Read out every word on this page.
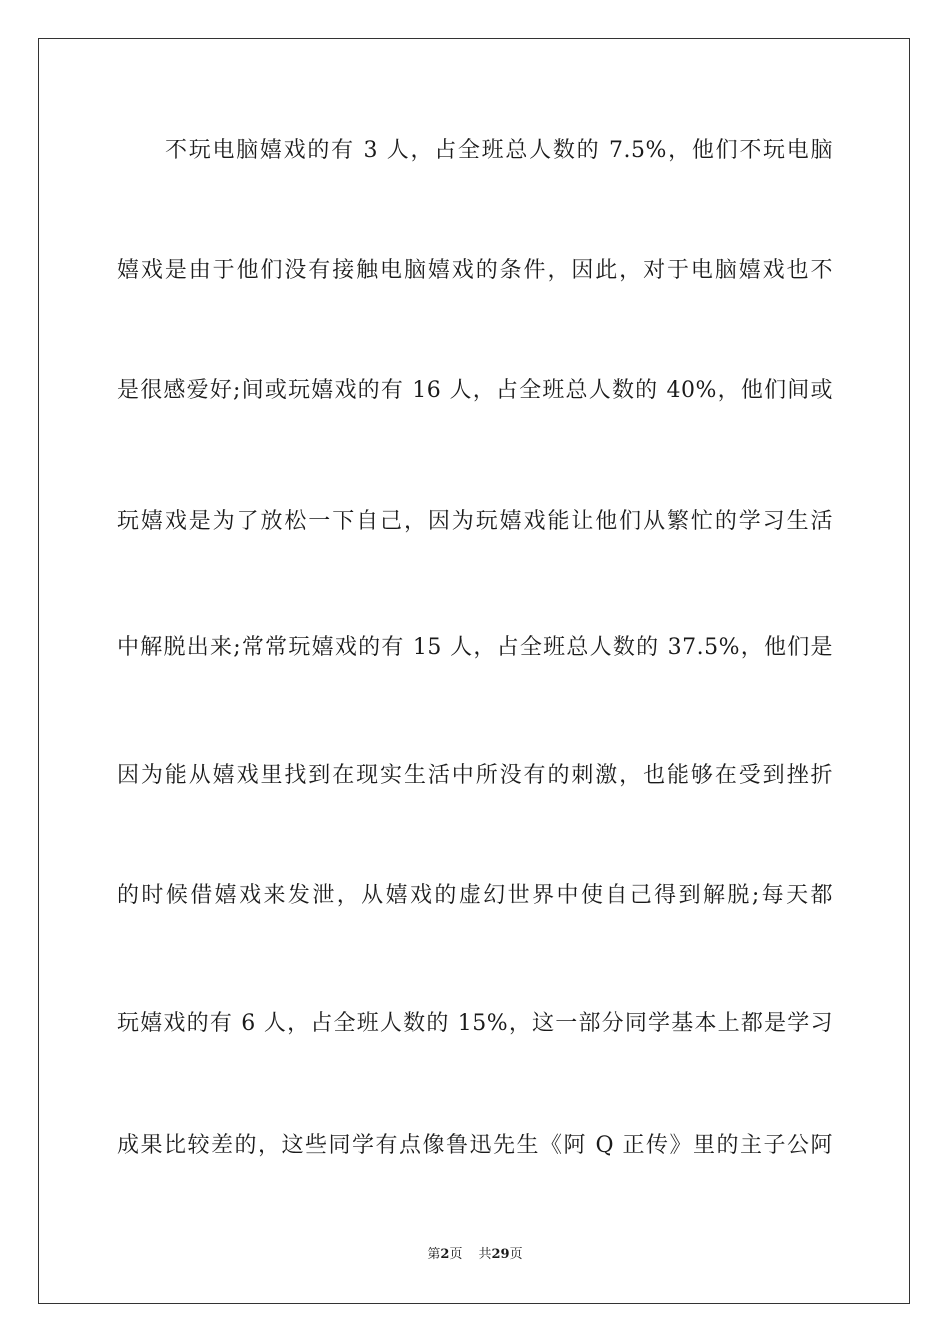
不玩电脑嬉戏的有 3 人，占全班总人数的 7.5%，他们不玩电脑
嬉戏是由于他们没有接触电脑嬉戏的条件，因此，对于电脑嬉戏也不
是很感爱好;间或玩嬉戏的有 16 人，占全班总人数的 40%，他们间或
玩嬉戏是为了放松一下自己，因为玩嬉戏能让他们从繁忙的学习生活
中解脱出来;常常玩嬉戏的有 15 人，占全班总人数的 37.5%，他们是
因为能从嬉戏里找到在现实生活中所没有的刺激，也能够在受到挫折
的时候借嬉戏来发泄，从嬉戏的虚幻世界中使自己得到解脱;每天都
玩嬉戏的有 6 人，占全班人数的 15%，这一部分同学基本上都是学习
成果比较差的，这些同学有点像鲁迅先生《阿 Q 正传》里的主子公阿
第2页 共29页
